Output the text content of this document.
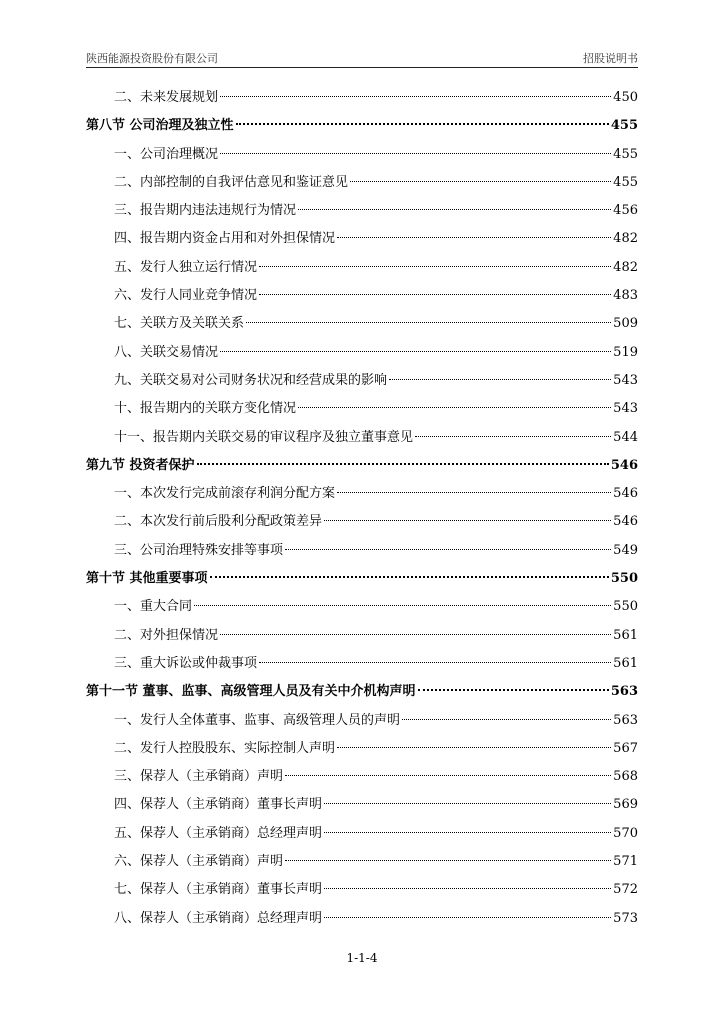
陕西能源投资股份有限公司	招股说明书
二、未来发展规划	450
第八节 公司治理及独立性	455
一、公司治理概况	455
二、内部控制的自我评估意见和鉴证意见	455
三、报告期内违法违规行为情况	456
四、报告期内资金占用和对外担保情况	482
五、发行人独立运行情况	482
六、发行人同业竞争情况	483
七、关联方及关联关系	509
八、关联交易情况	519
九、关联交易对公司财务状况和经营成果的影响	543
十、报告期内的关联方变化情况	543
十一、报告期内关联交易的审议程序及独立董事意见	544
第九节 投资者保护	546
一、本次发行完成前滚存利润分配方案	546
二、本次发行前后股利分配政策差异	546
三、公司治理特殊安排等事项	549
第十节 其他重要事项	550
一、重大合同	550
二、对外担保情况	561
三、重大诉讼或仲裁事项	561
第十一节 董事、监事、高级管理人员及有关中介机构声明	563
一、发行人全体董事、监事、高级管理人员的声明	563
二、发行人控股股东、实际控制人声明	567
三、保荐人（主承销商）声明	568
四、保荐人（主承销商）董事长声明	569
五、保荐人（主承销商）总经理声明	570
六、保荐人（主承销商）声明	571
七、保荐人（主承销商）董事长声明	572
八、保荐人（主承销商）总经理声明	573
1-1-4
